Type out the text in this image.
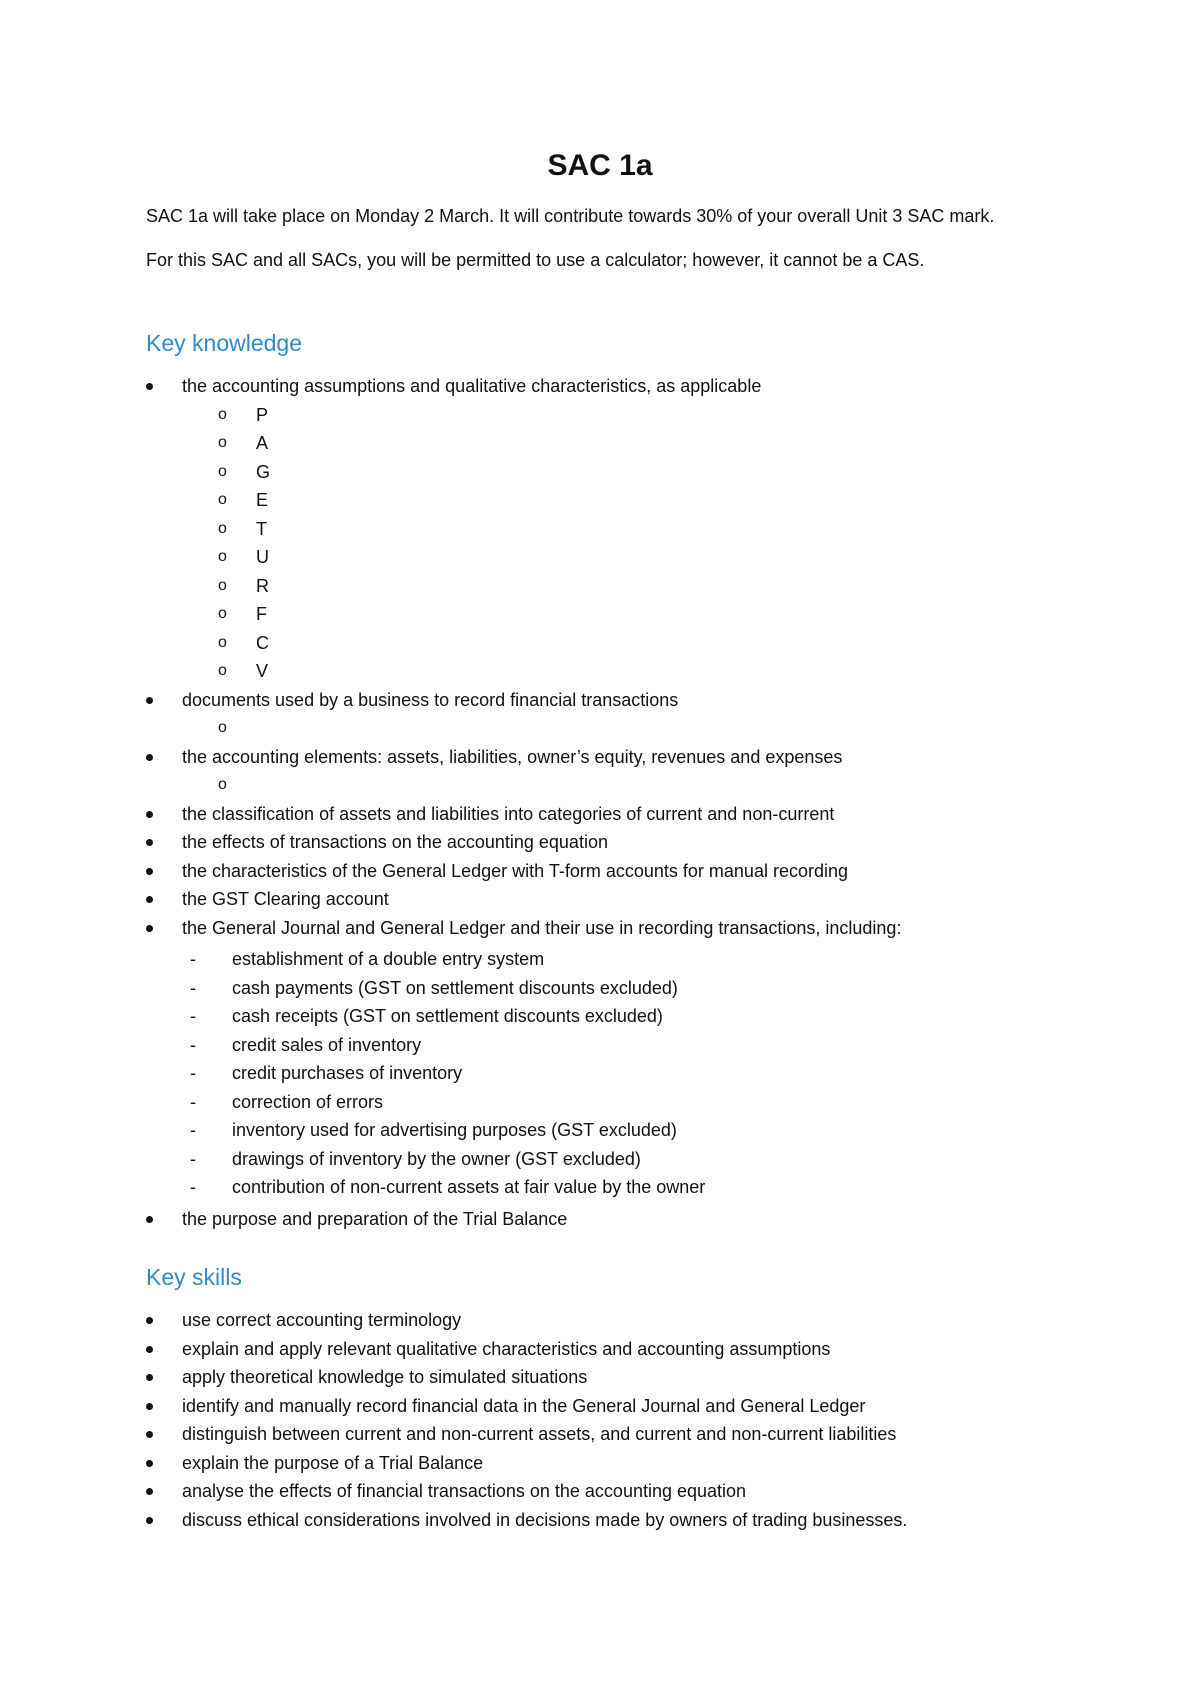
SAC 1a

SAC 1a will take place on Monday 2 March. It will contribute towards 30% of your overall Unit 3 SAC mark.

For this SAC and all SACs, you will be permitted to use a calculator; however, it cannot be a CAS.

Key knowledge
the accounting assumptions and qualitative characteristics, as applicable
o P
o A
o G
o E
o T
o U
o R
o F
o C
o V
documents used by a business to record financial transactions
o
the accounting elements: assets, liabilities, owner’s equity, revenues and expenses
o
the classification of assets and liabilities into categories of current and non-current
the effects of transactions on the accounting equation
the characteristics of the General Ledger with T-form accounts for manual recording
the GST Clearing account
the General Journal and General Ledger and their use in recording transactions, including:
- establishment of a double entry system
- cash payments (GST on settlement discounts excluded)
- cash receipts (GST on settlement discounts excluded)
- credit sales of inventory
- credit purchases of inventory
- correction of errors
- inventory used for advertising purposes (GST excluded)
- drawings of inventory by the owner (GST excluded)
- contribution of non-current assets at fair value by the owner
the purpose and preparation of the Trial Balance
Key skills
use correct accounting terminology
explain and apply relevant qualitative characteristics and accounting assumptions
apply theoretical knowledge to simulated situations
identify and manually record financial data in the General Journal and General Ledger
distinguish between current and non-current assets, and current and non-current liabilities
explain the purpose of a Trial Balance
analyse the effects of financial transactions on the accounting equation
discuss ethical considerations involved in decisions made by owners of trading businesses.
